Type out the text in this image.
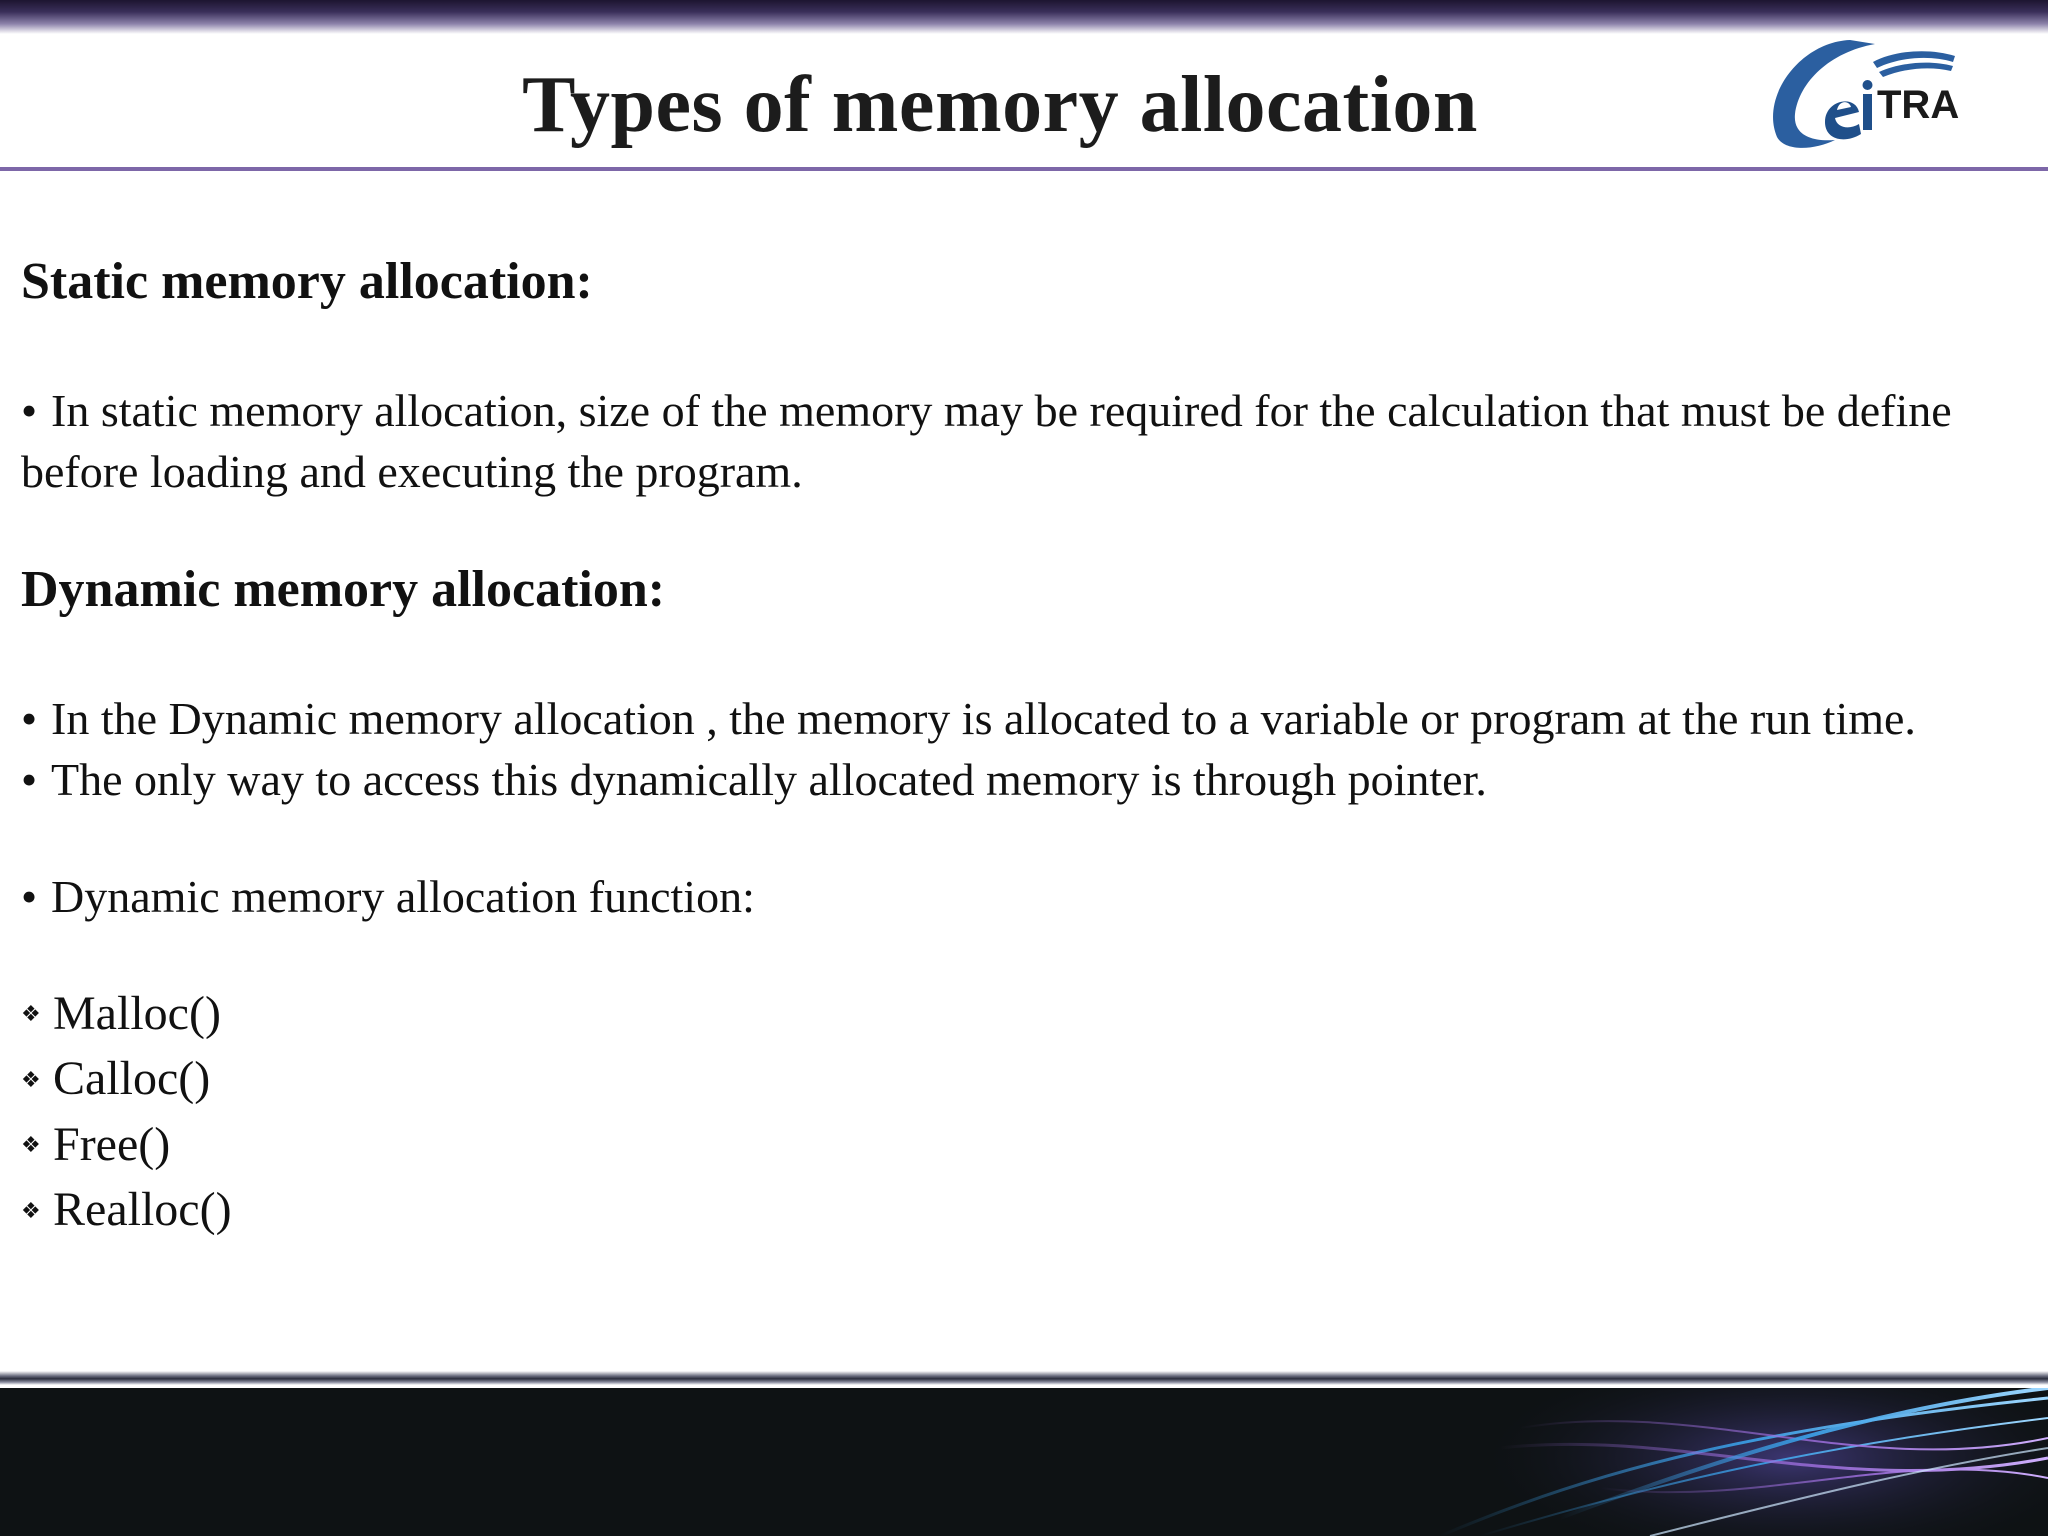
Types of memory allocation	TRA

Static memory allocation:

• In static memory allocation, size of the memory may be required for the calculation that must be define before loading and executing the program.

Dynamic memory allocation:

• In the Dynamic memory allocation , the memory is allocated to a variable or program at the run time.

• The only way to access this dynamically allocated memory is through pointer.

• Dynamic memory allocation function:

❖ Malloc()
❖ Calloc()
❖ Free()
❖ Realloc()
